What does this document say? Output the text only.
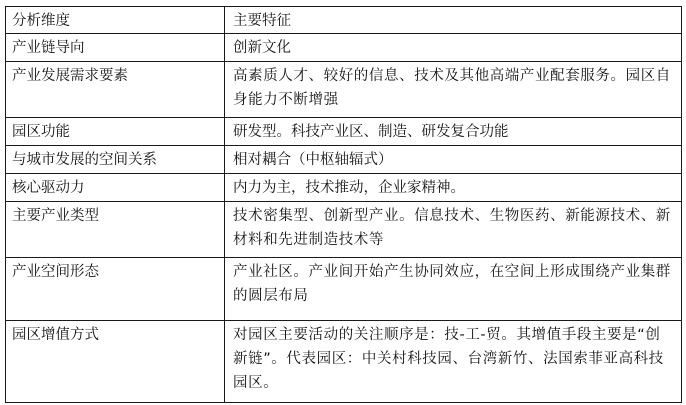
分析维度	主要特征
产业链导向	创新文化
产业发展需求要素	高素质人才、较好的信息、技术及其他高端产业配套服务。园区自身能力不断增强
园区功能	研发型。科技产业区、制造、研发复合功能
与城市发展的空间关系	相对耦合（中枢轴辐式）
核心驱动力	内力为主，技术推动，企业家精神。
主要产业类型	技术密集型、创新型产业。信息技术、生物医药、新能源技术、新材料和先进制造技术等
产业空间形态	产业社区。产业间开始产生协同效应，在空间上形成围绕产业集群的圆层布局
园区增值方式	对园区主要活动的关注顺序是：技-工-贸。其增值手段主要是“创新链”。代表园区：中关村科技园、台湾新竹、法国索菲亚高科技园区。
